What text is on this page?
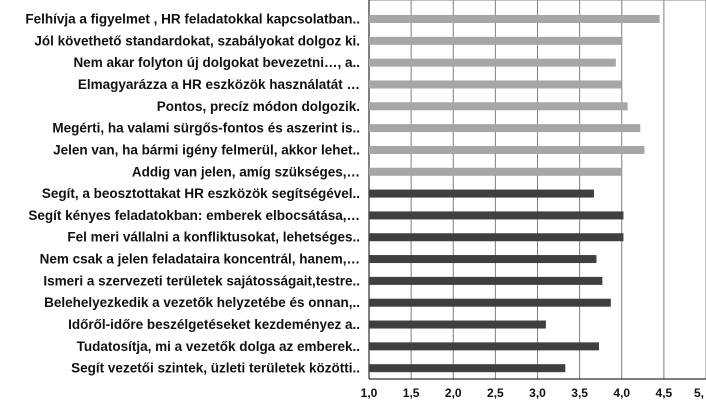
Felhívja a figyelmet , HR feladatokkal kapcsolatban..
Jól követhető standardokat, szabályokat dolgoz ki.
Nem akar folyton új dolgokat bevezetni…, a..
Elmagyarázza a HR eszközök használatát …
Pontos, precíz módon dolgozik.
Megérti, ha valami sürgős-fontos és aszerint is..
Jelen van, ha bármi igény felmerül, akkor lehet..
Addig van jelen, amíg szükséges,…
Segít, a beosztottakat HR eszközök segítségével..
Segít kényes feladatokban: emberek elbocsátása,…
Fel meri vállalni a konfliktusokat, lehetséges..
Nem csak a jelen feladataira koncentrál, hanem,…
Ismeri a szervezeti területek sajátosságait,testre..
Belehelyezkedik a vezetők helyzetébe és onnan,..
Időről-időre beszélgetéseket kezdeményez a..
Tudatosítja, mi a vezetők dolga az emberek..
Segít vezetői szintek, üzleti területek közötti..
1,0 1,5 2,0 2,5 3,0 3,5 4,0 4,5 5,
